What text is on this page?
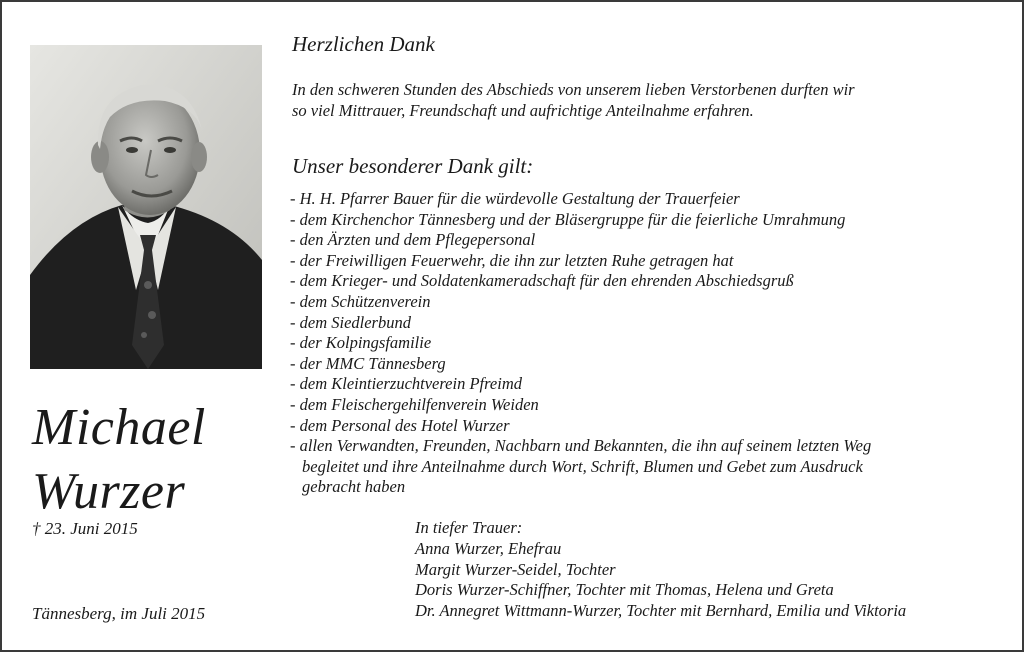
Michael
Wurzer
† 23. Juni 2015
Tännesberg, im Juli 2015
Herzlichen Dank
In den schweren Stunden des Abschieds von unserem lieben Verstorbenen durften wir
so viel Mittrauer, Freundschaft und aufrichtige Anteilnahme erfahren.
Unser besonderer Dank gilt:
- H. H. Pfarrer Bauer für die würdevolle Gestaltung der Trauerfeier
- dem Kirchenchor Tännesberg und der Bläsergruppe für die feierliche Umrahmung
- den Ärzten und dem Pflegepersonal
- der Freiwilligen Feuerwehr, die ihn zur letzten Ruhe getragen hat
- dem Krieger- und Soldatenkameradschaft für den ehrenden Abschiedsgruß
- dem Schützenverein
- dem Siedlerbund
- der Kolpingsfamilie
- der MMC Tännesberg
- dem Kleintierzuchtverein Pfreimd
- dem Fleischergehilfenverein Weiden
- dem Personal des Hotel Wurzer
- allen Verwandten, Freunden, Nachbarn und Bekannten, die ihn auf seinem letzten Weg
begleitet und ihre Anteilnahme durch Wort, Schrift, Blumen und Gebet zum Ausdruck
gebracht haben
In tiefer Trauer:
Anna Wurzer, Ehefrau
Margit Wurzer-Seidel, Tochter
Doris Wurzer-Schiffner, Tochter mit Thomas, Helena und Greta
Dr. Annegret Wittmann-Wurzer, Tochter mit Bernhard, Emilia und Viktoria
